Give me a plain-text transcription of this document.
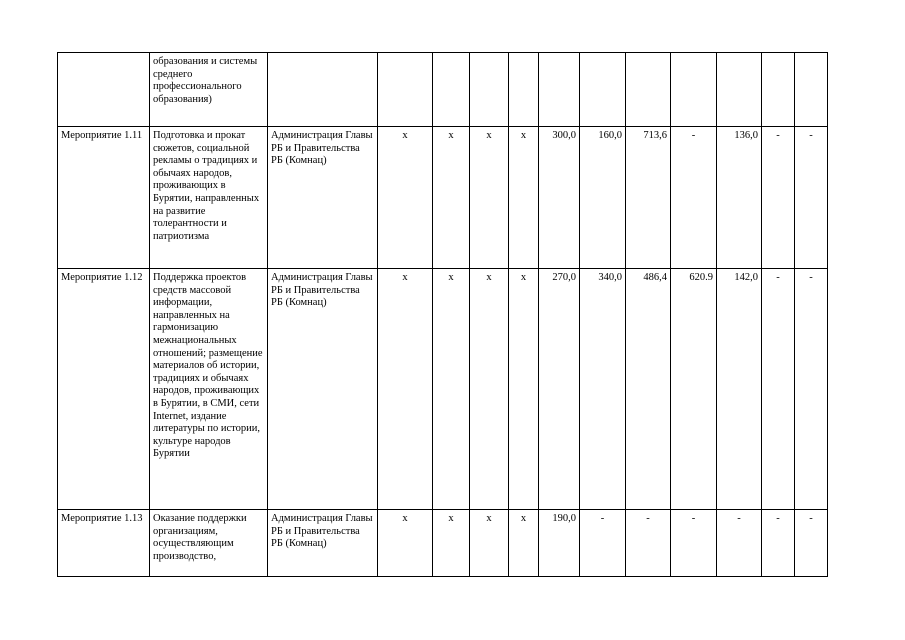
	образования и системы среднего профессионального образования)												
Мероприятие 1.11	Подготовка и прокат сюжетов, социальной рекламы о традициях и обычаях народов, проживающих в Бурятии, направленных на развитие толерантности и патриотизма	Администрация Главы РБ и Правительства РБ (Комнац)	x	x	x	x	300,0	160,0	713,6	-	136,0	-	-
Мероприятие 1.12	Поддержка проектов средств массовой информации, направленных на гармонизацию межнациональных отношений; размещение материалов об истории, традициях и обычаях народов, проживающих в Бурятии, в СМИ, сети Internet, издание литературы по истории, культуре народов Бурятии	Администрация Главы РБ и Правительства РБ (Комнац)	x	x	x	x	270,0	340,0	486,4	620.9	142,0	-	-
Мероприятие 1.13	Оказание поддержки организациям, осуществляющим производство,	Администрация Главы РБ и Правительства РБ (Комнац)	x	x	x	x	190,0	-	-	-	-	-	-
